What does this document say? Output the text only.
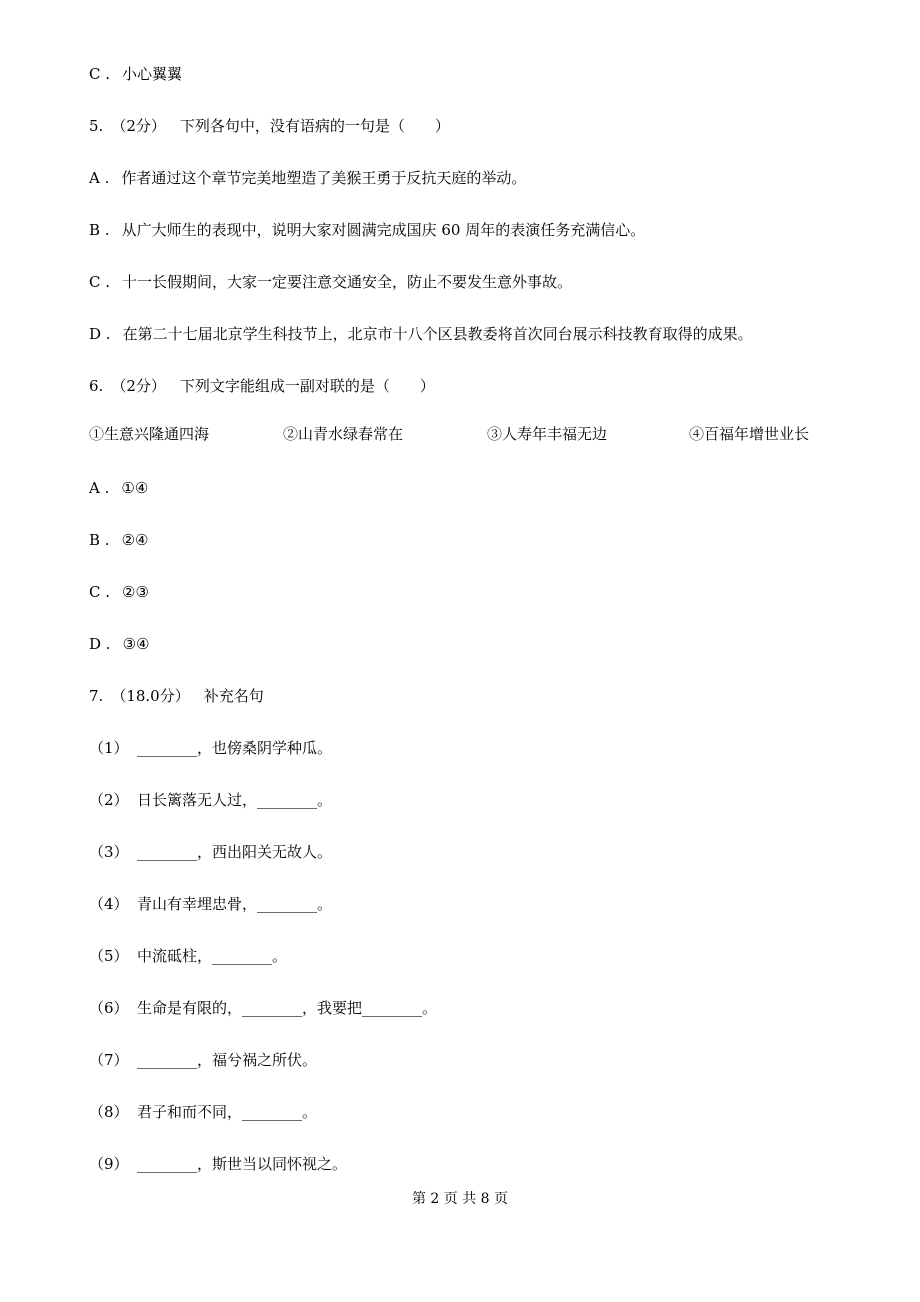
C . 小心翼翼
5. （2分） 下列各句中，没有语病的一句是（　　）
A . 作者通过这个章节完美地塑造了美猴王勇于反抗天庭的举动。
B . 从广大师生的表现中，说明大家对圆满完成国庆 60 周年的表演任务充满信心。
C . 十一长假期间，大家一定要注意交通安全，防止不要发生意外事故。
D . 在第二十七届北京学生科技节上，北京市十八个区县教委将首次同台展示科技教育取得的成果。
6. （2分） 下列文字能组成一副对联的是（　　）
①生意兴隆通四海	②山青水绿春常在	③人寿年丰福无边	④百福年增世业长
A . ①④
B . ②④
C . ②③
D . ③④
7. （18.0分） 补充名句
（1） ________，也傍桑阴学种瓜。
（2） 日长篱落无人过，________。
（3） ________，西出阳关无故人。
（4） 青山有幸埋忠骨，________。
（5） 中流砥柱，________。
（6） 生命是有限的，________，我要把________。
（7） ________，福兮祸之所伏。
（8） 君子和而不同，________。
（9） ________，斯世当以同怀视之。
第 2 页 共 8 页
